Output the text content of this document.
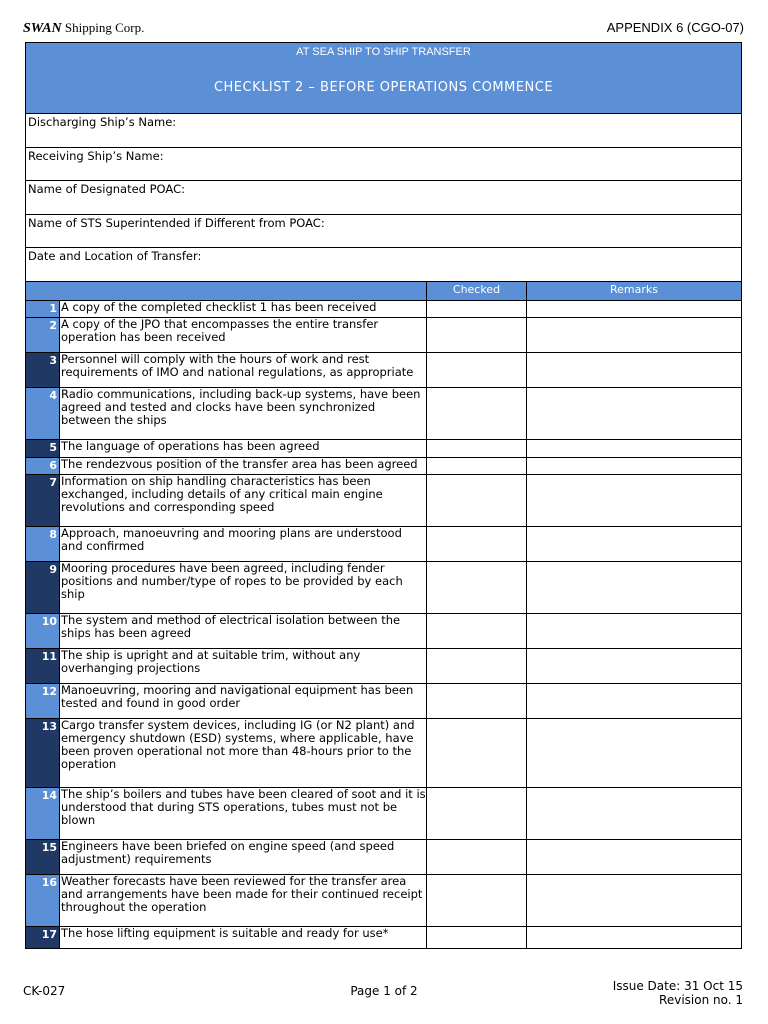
SWAN Shipping Corp.	APPENDIX 6 (CGO-07)
AT SEA SHIP TO SHIP TRANSFER
CHECKLIST 2 – BEFORE OPERATIONS COMMENCE
Discharging Ship’s Name:
Receiving Ship’s Name:
Name of Designated POAC:
Name of STS Superintended if Different from POAC:
Date and Location of Transfer:
Checked	Remarks
1 A copy of the completed checklist 1 has been received
2 A copy of the JPO that encompasses the entire transfer operation has been received
3 Personnel will comply with the hours of work and rest requirements of IMO and national regulations, as appropriate
4 Radio communications, including back-up systems, have been agreed and tested and clocks have been synchronized between the ships
5 The language of operations has been agreed
6 The rendezvous position of the transfer area has been agreed
7 Information on ship handling characteristics has been exchanged, including details of any critical main engine revolutions and corresponding speed
8 Approach, manoeuvring and mooring plans are understood and confirmed
9 Mooring procedures have been agreed, including fender positions and number/type of ropes to be provided by each ship
10 The system and method of electrical isolation between the ships has been agreed
11 The ship is upright and at suitable trim, without any overhanging projections
12 Manoeuvring, mooring and navigational equipment has been tested and found in good order
13 Cargo transfer system devices, including IG (or N2 plant) and emergency shutdown (ESD) systems, where applicable, have been proven operational not more than 48-hours prior to the operation
14 The ship’s boilers and tubes have been cleared of soot and it is understood that during STS operations, tubes must not be blown
15 Engineers have been briefed on engine speed (and speed adjustment) requirements
16 Weather forecasts have been reviewed for the transfer area and arrangements have been made for their continued receipt throughout the operation
17 The hose lifting equipment is suitable and ready for use*
CK-027	Page 1 of 2	Issue Date: 31 Oct 15
Revision no. 1
